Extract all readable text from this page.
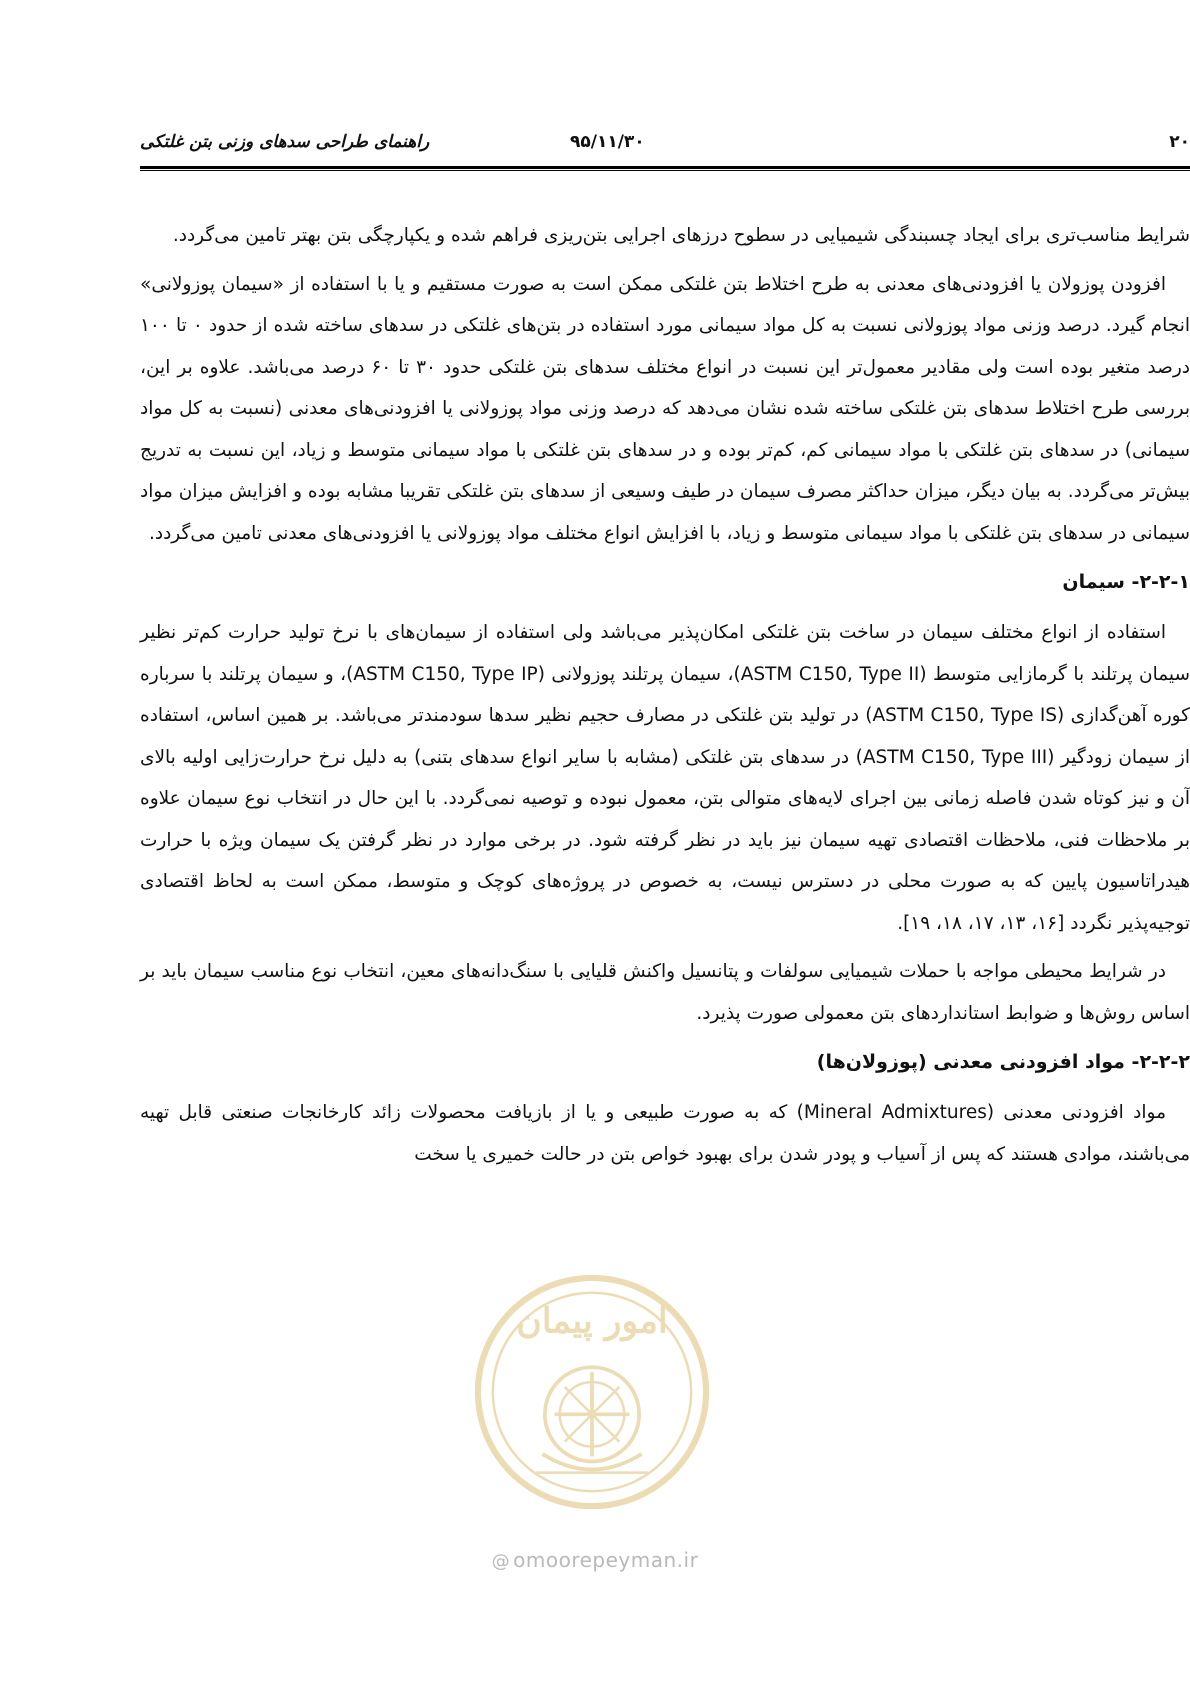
راهنمای طراحی سدهای وزنی بتن غلتکی	۹۵/۱۱/۳۰	۲۰

شرایط مناسب‌تری برای ایجاد چسبندگی شیمیایی در سطوح درزهای اجرایی بتن‌ریزی فراهم شده و یکپارچگی بتن بهتر تامین می‌گردد.

افزودن پوزولان یا افزودنی‌های معدنی به طرح اختلاط بتن غلتکی ممکن است به صورت مستقیم و یا با استفاده از «سیمان پوزولانی» انجام گیرد. درصد وزنی مواد پوزولانی نسبت به کل مواد سیمانی مورد استفاده در بتن‌های غلتکی در سدهای ساخته شده از حدود ۰ تا ۱۰۰ درصد متغیر بوده است ولی مقادیر معمول‌تر این نسبت در انواع مختلف سدهای بتن غلتکی حدود ۳۰ تا ۶۰ درصد می‌باشد. علاوه بر این، بررسی طرح اختلاط سدهای بتن غلتکی ساخته شده نشان می‌دهد که درصد وزنی مواد پوزولانی یا افزودنی‌های معدنی (نسبت به کل مواد سیمانی) در سدهای بتن غلتکی با مواد سیمانی کم، کم‌تر بوده و در سدهای بتن غلتکی با مواد سیمانی متوسط و زیاد، این نسبت به تدریج بیش‌تر می‌گردد. به بیان دیگر، میزان حداکثر مصرف سیمان در طیف وسیعی از سدهای بتن غلتکی تقریبا مشابه بوده و افزایش میزان مواد سیمانی در سدهای بتن غلتکی با مواد سیمانی متوسط و زیاد، با افزایش انواع مختلف مواد پوزولانی یا افزودنی‌های معدنی تامین می‌گردد.

۲-۲-۱- سیمان

استفاده از انواع مختلف سیمان در ساخت بتن غلتکی امکان‌پذیر می‌باشد ولی استفاده از سیمان‌های با نرخ تولید حرارت کم‌تر نظیر سیمان پرتلند با گرمازایی متوسط (ASTM C150, Type II)، سیمان پرتلند پوزولانی (ASTM C150, Type IP)، و سیمان پرتلند با سرباره کوره آهن‌گدازی (ASTM C150, Type IS) در تولید بتن غلتکی در مصارف حجیم نظیر سدها سودمندتر می‌باشد. بر همین اساس، استفاده از سیمان زودگیر (ASTM C150, Type III) در سدهای بتن غلتکی (مشابه با سایر انواع سدهای بتنی) به دلیل نرخ حرارت‌زایی اولیه بالای آن و نیز کوتاه شدن فاصله زمانی بین اجرای لایه‌های متوالی بتن، معمول نبوده و توصیه نمی‌گردد. با این حال در انتخاب نوع سیمان علاوه بر ملاحظات فنی، ملاحظات اقتصادی تهیه سیمان نیز باید در نظر گرفته شود. در برخی موارد در نظر گرفتن یک سیمان ویژه با حرارت هیدراتاسیون پایین که به صورت محلی در دسترس نیست، به خصوص در پروژه‌های کوچک و متوسط، ممکن است به لحاظ اقتصادی توجیه‌پذیر نگردد [۱۶، ۱۳، ۱۷، ۱۸، ۱۹].

در شرایط محیطی مواجه با حملات شیمیایی سولفات و پتانسیل واکنش قلیایی با سنگ‌دانه‌های معین، انتخاب نوع مناسب سیمان باید بر اساس روش‌ها و ضوابط استانداردهای بتن معمولی صورت پذیرد.

۲-۲-۲- مواد افزودنی معدنی (پوزولان‌ها)

مواد افزودنی معدنی (Mineral Admixtures) که به صورت طبیعی و یا از بازیافت محصولات زائد کارخانجات صنعتی قابل تهیه می‌باشند، موادی هستند که پس از آسیاب و پودر شدن برای بهبود خواص بتن در حالت خمیری یا سخت

امور پیمان
@ omoorepeyman.ir
